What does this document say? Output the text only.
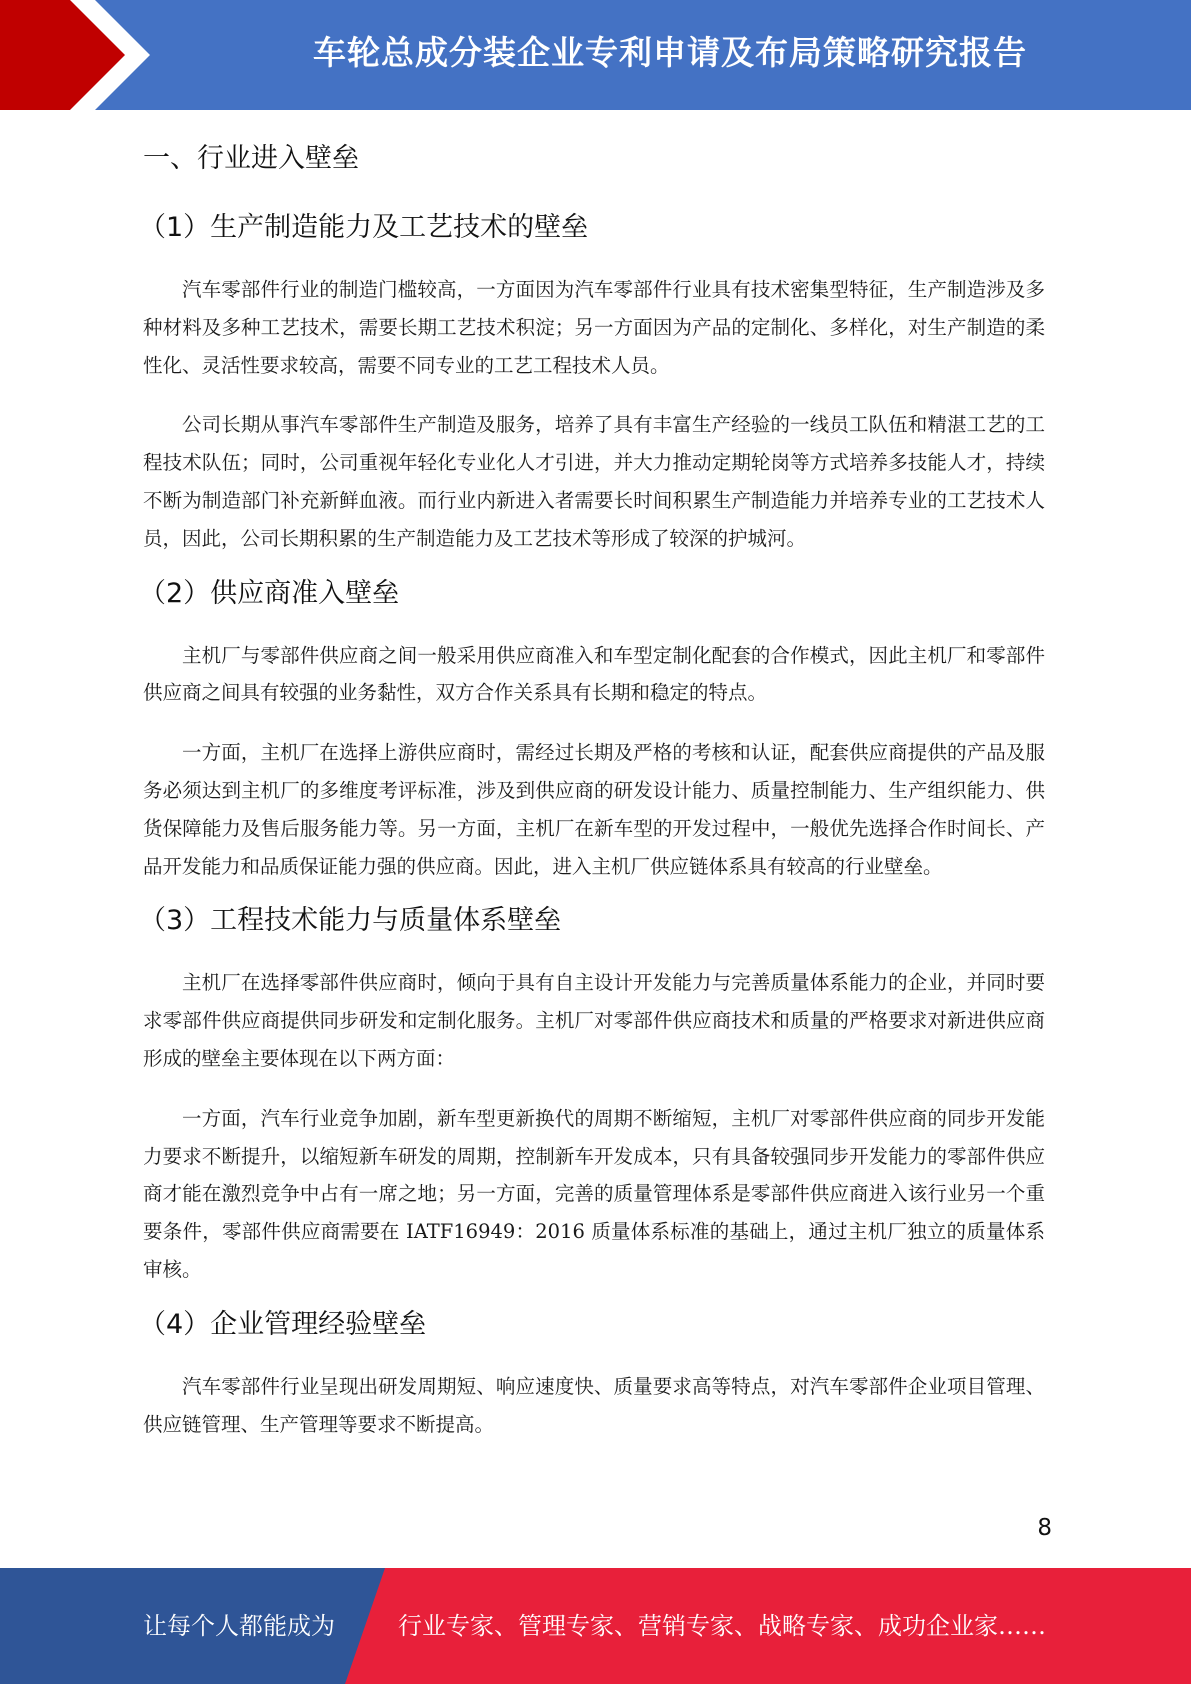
车轮总成分装企业专利申请及布局策略研究报告
一、行业进入壁垒
（1）生产制造能力及工艺技术的壁垒

汽车零部件行业的制造门槛较高，一方面因为汽车零部件行业具有技术密集型特征，生产制造涉及多种材料及多种工艺技术，需要长期工艺技术积淀；另一方面因为产品的定制化、多样化，对生产制造的柔性化、灵活性要求较高，需要不同专业的工艺工程技术人员。

公司长期从事汽车零部件生产制造及服务，培养了具有丰富生产经验的一线员工队伍和精湛工艺的工程技术队伍；同时，公司重视年轻化专业化人才引进，并大力推动定期轮岗等方式培养多技能人才，持续不断为制造部门补充新鲜血液。而行业内新进入者需要长时间积累生产制造能力并培养专业的工艺技术人员，因此，公司长期积累的生产制造能力及工艺技术等形成了较深的护城河。

（2）供应商准入壁垒

主机厂与零部件供应商之间一般采用供应商准入和车型定制化配套的合作模式，因此主机厂和零部件供应商之间具有较强的业务黏性，双方合作关系具有长期和稳定的特点。

一方面，主机厂在选择上游供应商时，需经过长期及严格的考核和认证，配套供应商提供的产品及服务必须达到主机厂的多维度考评标准，涉及到供应商的研发设计能力、质量控制能力、生产组织能力、供货保障能力及售后服务能力等。另一方面，主机厂在新车型的开发过程中，一般优先选择合作时间长、产品开发能力和品质保证能力强的供应商。因此，进入主机厂供应链体系具有较高的行业壁垒。

（3）工程技术能力与质量体系壁垒

主机厂在选择零部件供应商时，倾向于具有自主设计开发能力与完善质量体系能力的企业，并同时要求零部件供应商提供同步研发和定制化服务。主机厂对零部件供应商技术和质量的严格要求对新进供应商形成的壁垒主要体现在以下两方面：

一方面，汽车行业竞争加剧，新车型更新换代的周期不断缩短，主机厂对零部件供应商的同步开发能力要求不断提升，以缩短新车研发的周期，控制新车开发成本，只有具备较强同步开发能力的零部件供应商才能在激烈竞争中占有一席之地；另一方面，完善的质量管理体系是零部件供应商进入该行业另一个重要条件，零部件供应商需要在 IATF16949：2016 质量体系标准的基础上，通过主机厂独立的质量体系审核。

（4）企业管理经验壁垒

汽车零部件行业呈现出研发周期短、响应速度快、质量要求高等特点，对汽车零部件企业项目管理、供应链管理、生产管理等要求不断提高。

8
让每个人都能成为	行业专家、管理专家、营销专家、战略专家、成功企业家……
